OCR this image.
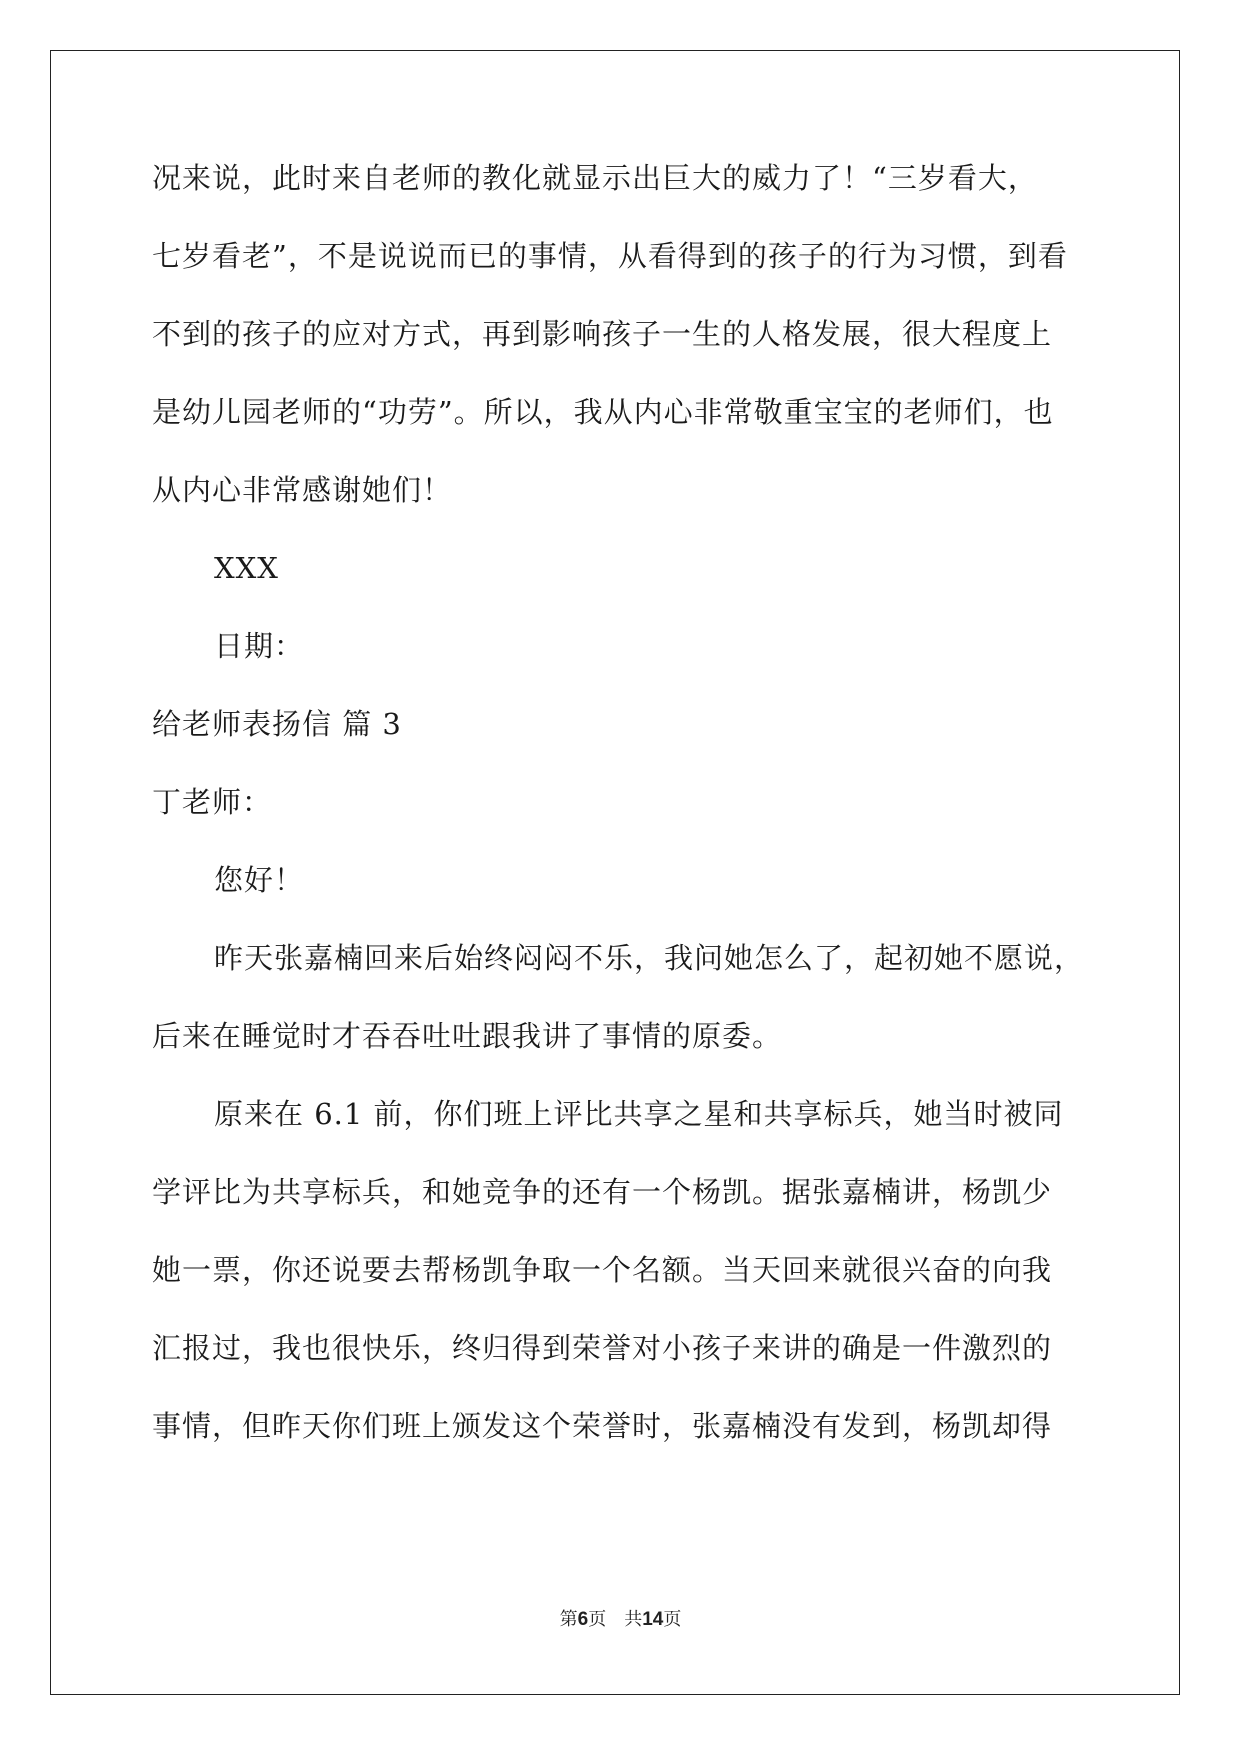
况来说，此时来自老师的教化就显示出巨大的威力了！“三岁看大，
七岁看老”，不是说说而已的事情，从看得到的孩子的行为习惯，到看
不到的孩子的应对方式，再到影响孩子一生的人格发展，很大程度上
是幼儿园老师的“功劳”。所以，我从内心非常敬重宝宝的老师们，也
从内心非常感谢她们！
XXX
日期：
给老师表扬信 篇 3
丁老师：
您好！
昨天张嘉楠回来后始终闷闷不乐，我问她怎么了，起初她不愿说，
后来在睡觉时才吞吞吐吐跟我讲了事情的原委。
原来在 6.1 前，你们班上评比共享之星和共享标兵，她当时被同
学评比为共享标兵，和她竞争的还有一个杨凯。据张嘉楠讲，杨凯少
她一票，你还说要去帮杨凯争取一个名额。当天回来就很兴奋的向我
汇报过，我也很快乐，终归得到荣誉对小孩子来讲的确是一件激烈的
事情，但昨天你们班上颁发这个荣誉时，张嘉楠没有发到，杨凯却得
第6页 共14页
